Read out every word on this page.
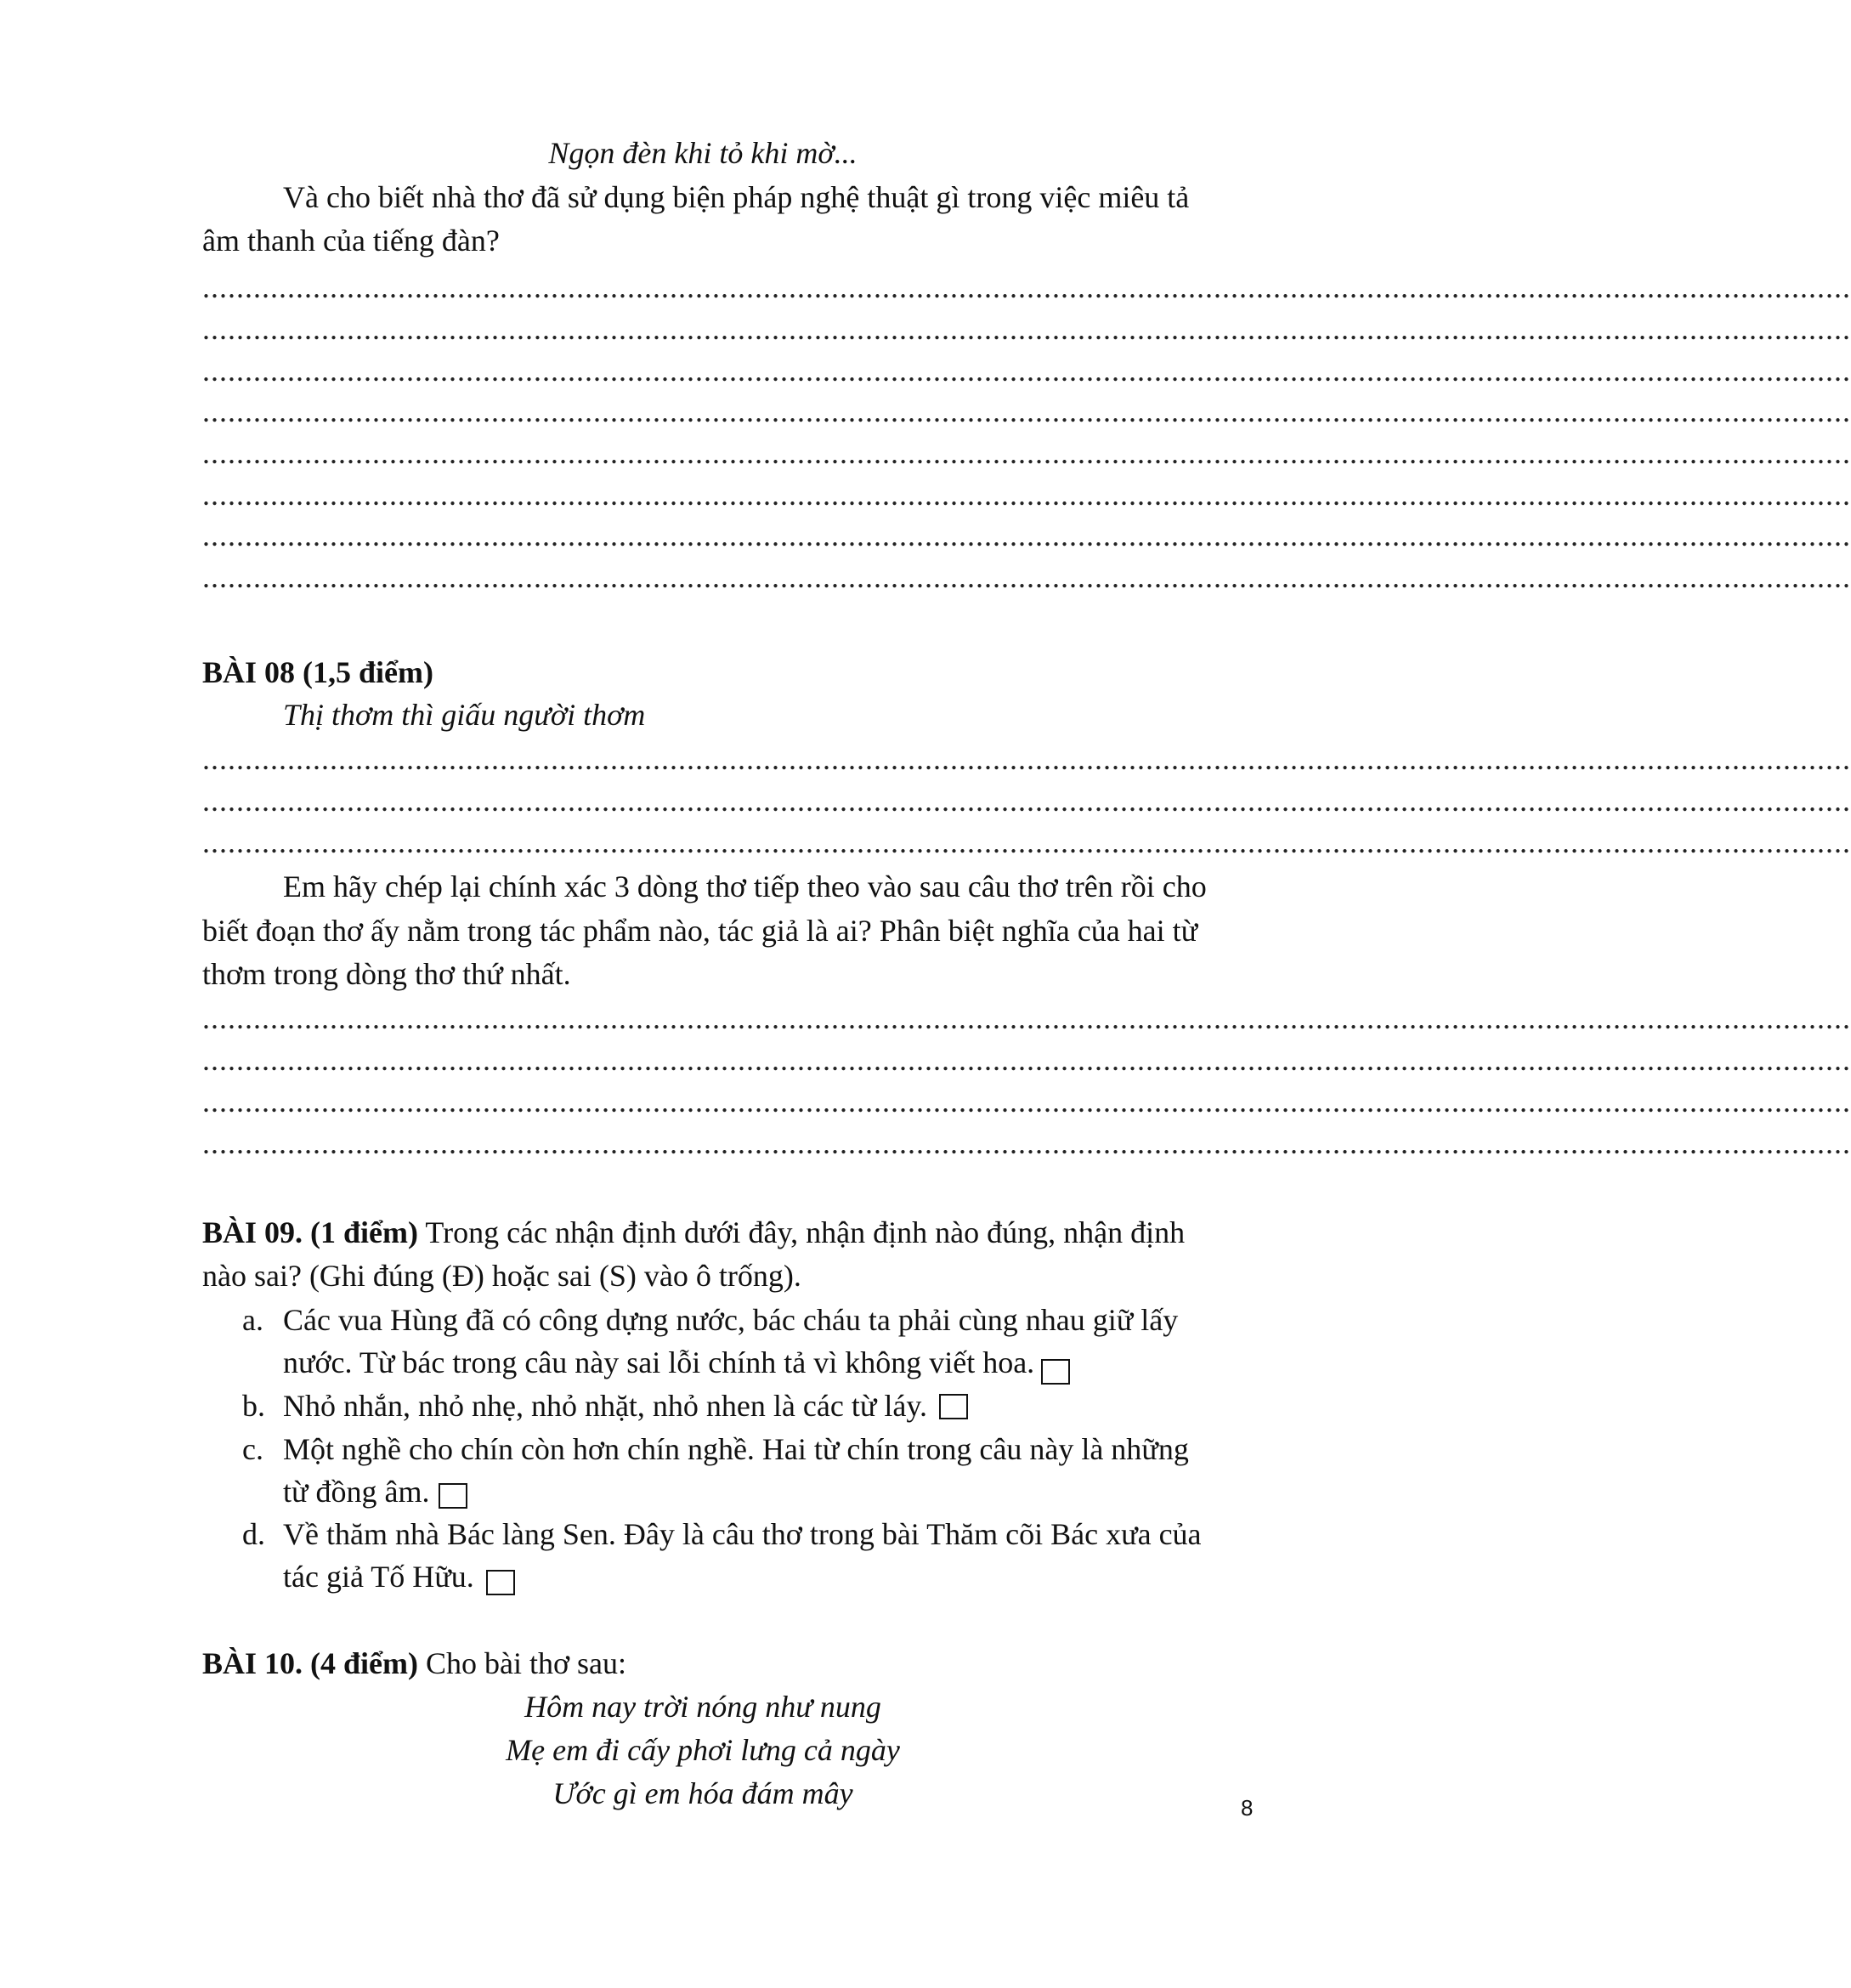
Ngọn đèn khi tỏ khi mờ...
Và cho biết nhà thơ đã sử dụng biện pháp nghệ thuật gì trong việc miêu tả
âm thanh của tiếng đàn?
..................................................................................................................................................................................................
..................................................................................................................................................................................................
..................................................................................................................................................................................................
..................................................................................................................................................................................................
..................................................................................................................................................................................................
..................................................................................................................................................................................................
..................................................................................................................................................................................................
..................................................................................................................................................................................................
BÀI 08 (1,5 điểm)
Thị thơm thì giấu người thơm
..................................................................................................................................................................................................
..................................................................................................................................................................................................
..................................................................................................................................................................................................
Em hãy chép lại chính xác 3 dòng thơ tiếp theo vào sau câu thơ trên rồi cho
biết đoạn thơ ấy nằm trong tác phẩm nào, tác giả là ai? Phân biệt nghĩa của hai từ
thơm trong dòng thơ thứ nhất.
..................................................................................................................................................................................................
..................................................................................................................................................................................................
..................................................................................................................................................................................................
..................................................................................................................................................................................................
BÀI 09. (1 điểm) Trong các nhận định dưới đây, nhận định nào đúng, nhận định
nào sai? (Ghi đúng (Đ) hoặc sai (S) vào ô trống).
a. Các vua Hùng đã có công dựng nước, bác cháu ta phải cùng nhau giữ lấy
nước. Từ bác trong câu này sai lỗi chính tả vì không viết hoa.
b. Nhỏ nhắn, nhỏ nhẹ, nhỏ nhặt, nhỏ nhen là các từ láy.
c. Một nghề cho chín còn hơn chín nghề. Hai từ chín trong câu này là những
từ đồng âm.
d. Về thăm nhà Bác làng Sen. Đây là câu thơ trong bài Thăm cõi Bác xưa của
tác giả Tố Hữu.
BÀI 10. (4 điểm) Cho bài thơ sau:
Hôm nay trời nóng như nung
Mẹ em đi cấy phơi lưng cả ngày
Ước gì em hóa đám mây	8
